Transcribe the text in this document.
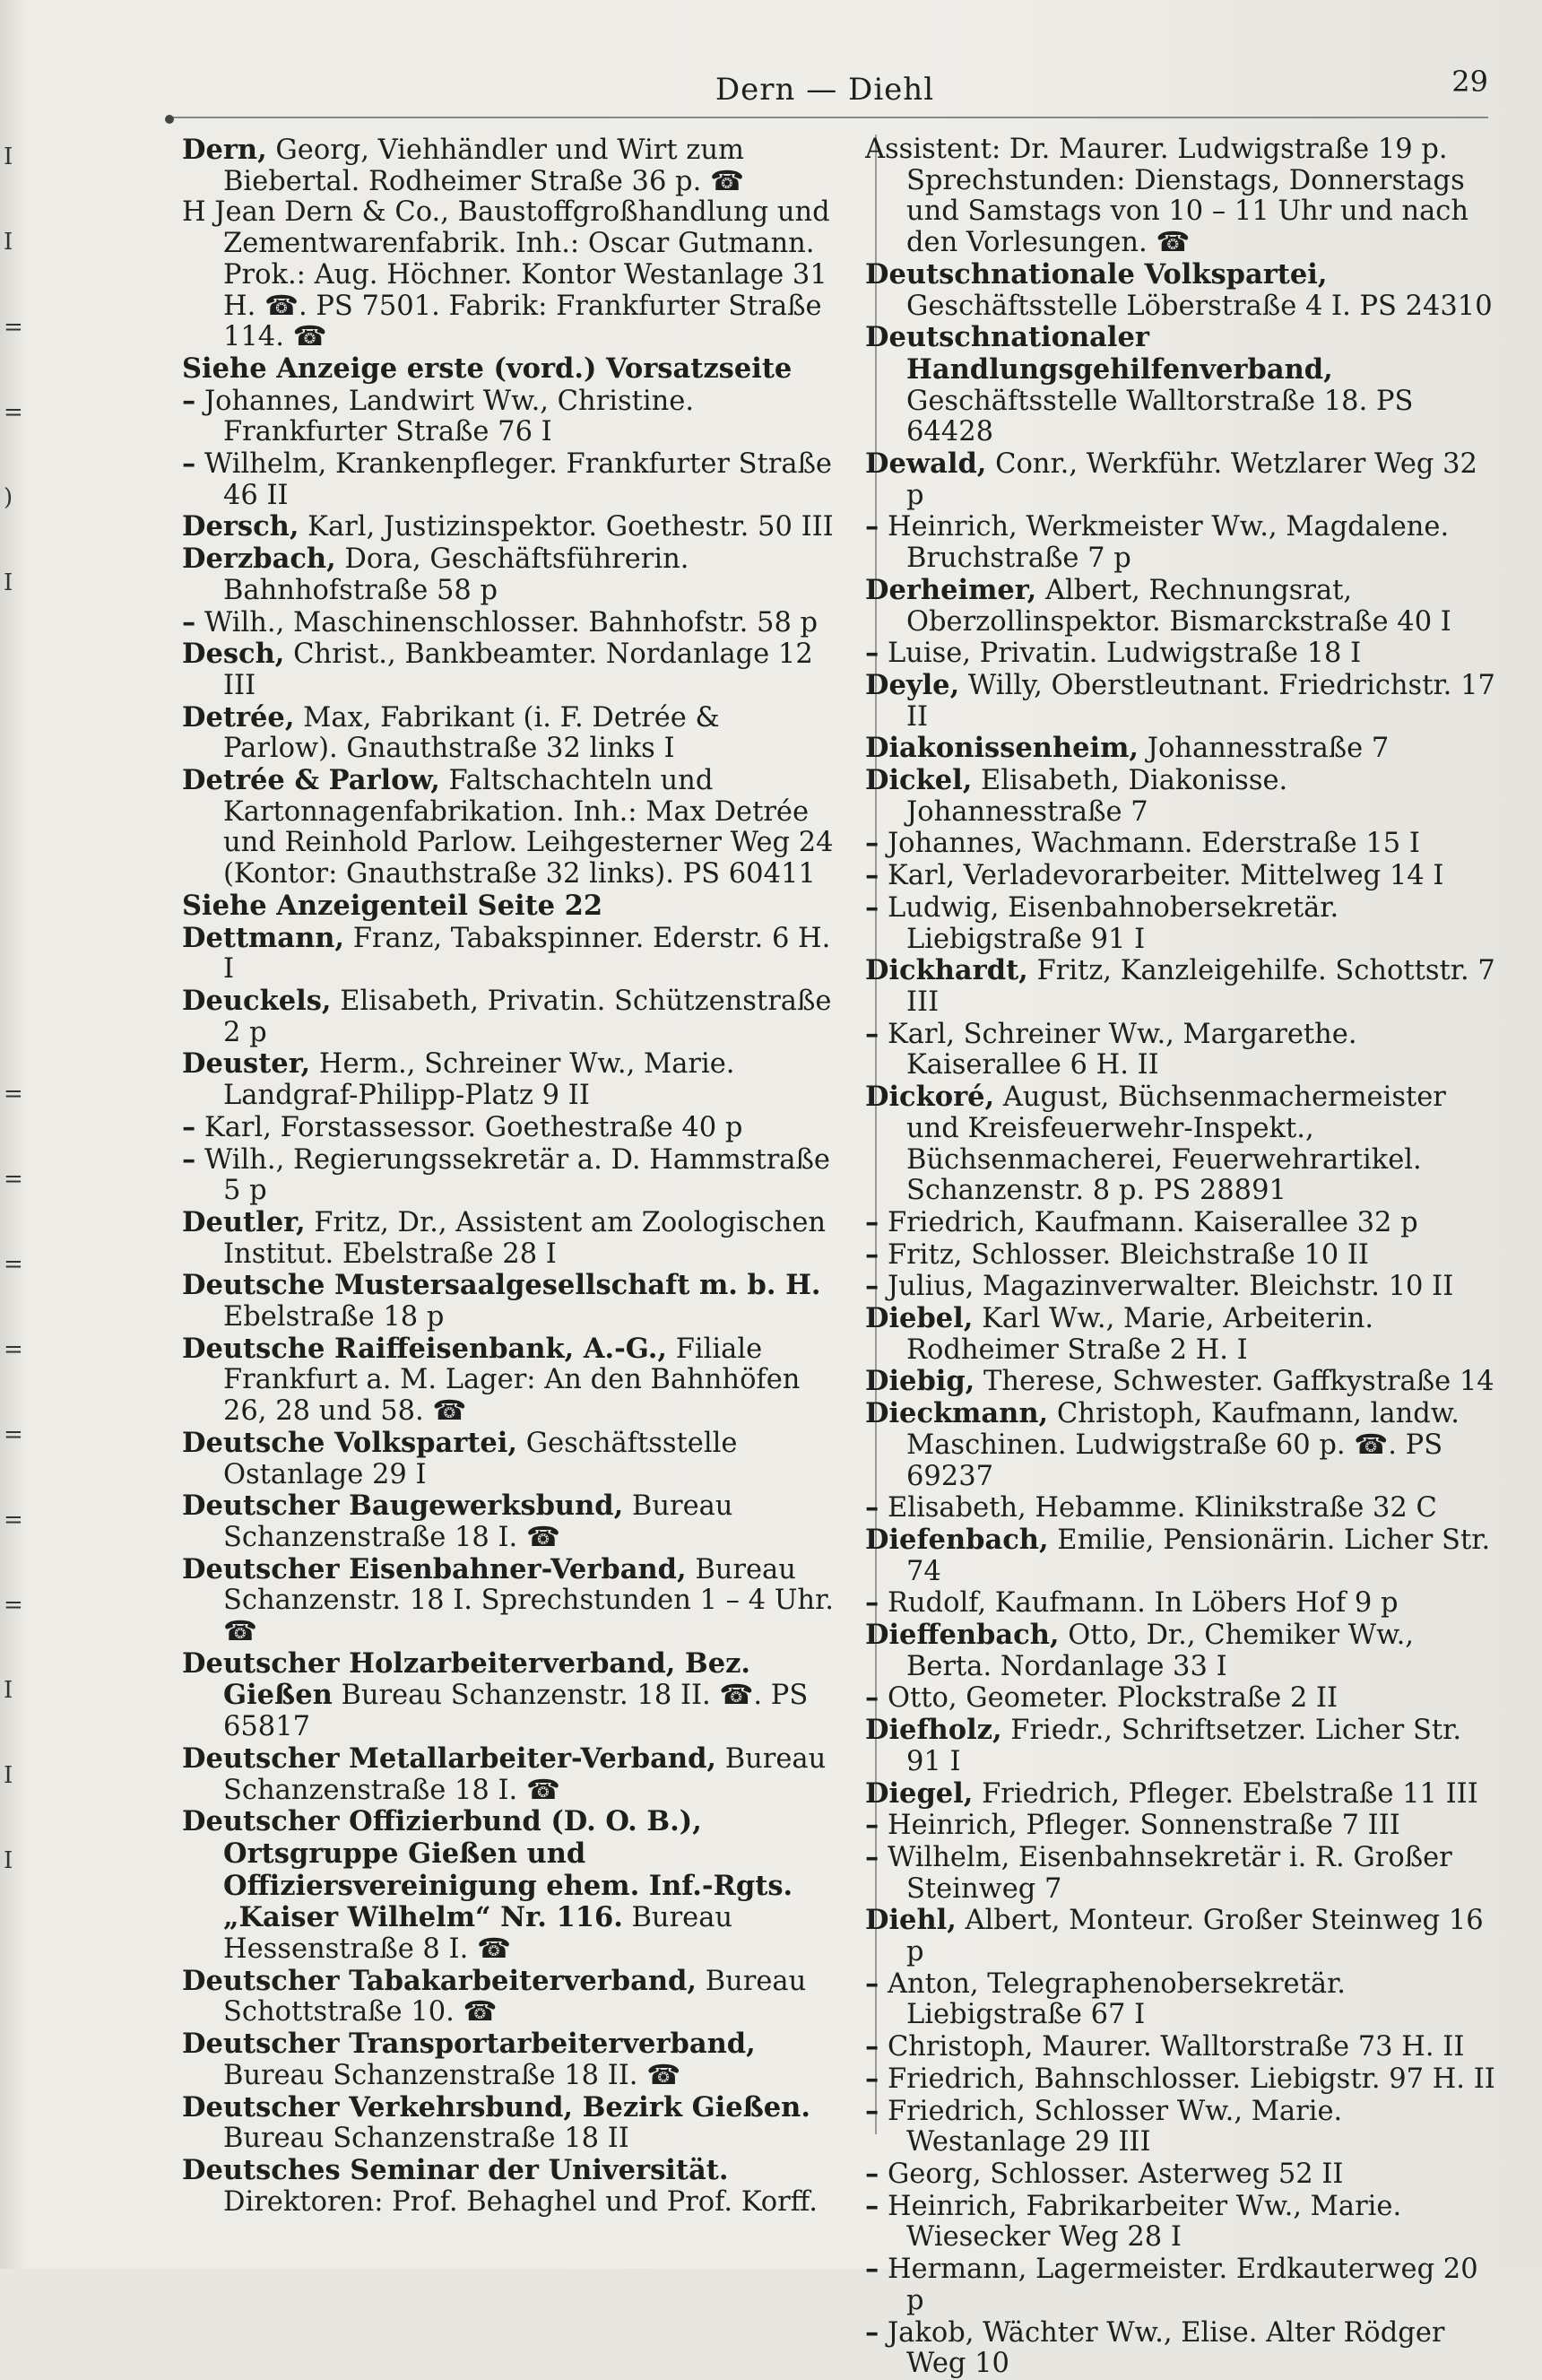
I
I
=
=
)
I
=
=
=
=
=
=
=
I
I
I
Dern — Diehl	29

Dern, Georg, Viehhändler und Wirt zum Biebertal. Rodheimer Straße 36 p. ☎

H Jean Dern & Co., Baustoffgroßhandlung und Zementwarenfabrik. Inh.: Oscar Gutmann. Prok.: Aug. Höchner. Kontor Westanlage 31 H. ☎. PS 7501. Fabrik: Frankfurter Straße 114. ☎

Siehe Anzeige erste (vord.) Vorsatzseite

– Johannes, Landwirt Ww., Christine. Frankfurter Straße 76 I

– Wilhelm, Krankenpfleger. Frankfurter Straße 46 II

Dersch, Karl, Justizinspektor. Goethestr. 50 III

Derzbach, Dora, Geschäftsführerin. Bahnhofstraße 58 p

– Wilh., Maschinenschlosser. Bahnhofstr. 58 p

Desch, Christ., Bankbeamter. Nordanlage 12 III

Detrée, Max, Fabrikant (i. F. Detrée & Parlow). Gnauthstraße 32 links I

Detrée & Parlow, Faltschachteln und Kartonnagenfabrikation. Inh.: Max Detrée und Reinhold Parlow. Leihgesterner Weg 24 (Kontor: Gnauthstraße 32 links). PS 60411

Siehe Anzeigenteil Seite 22

Dettmann, Franz, Tabakspinner. Ederstr. 6 H. I

Deuckels, Elisabeth, Privatin. Schützenstraße 2 p

Deuster, Herm., Schreiner Ww., Marie. Landgraf-Philipp-Platz 9 II

– Karl, Forstassessor. Goethestraße 40 p

– Wilh., Regierungssekretär a. D. Hammstraße 5 p

Deutler, Fritz, Dr., Assistent am Zoologischen Institut. Ebelstraße 28 I

Deutsche Mustersaalgesellschaft m. b. H. Ebelstraße 18 p

Deutsche Raiffeisenbank, A.-G., Filiale Frankfurt a. M. Lager: An den Bahnhöfen 26, 28 und 58. ☎

Deutsche Volkspartei, Geschäftsstelle Ostanlage 29 I

Deutscher Baugewerksbund, Bureau Schanzenstraße 18 I. ☎

Deutscher Eisenbahner-Verband, Bureau Schanzenstr. 18 I. Sprechstunden 1 – 4 Uhr. ☎

Deutscher Holzarbeiterverband, Bez. Gießen Bureau Schanzenstr. 18 II. ☎. PS 65817

Deutscher Metallarbeiter-Verband, Bureau Schanzenstraße 18 I. ☎

Deutscher Offizierbund (D. O. B.), Ortsgruppe Gießen und Offiziersvereinigung ehem. Inf.-Rgts. „Kaiser Wilhelm“ Nr. 116. Bureau Hessenstraße 8 I. ☎

Deutscher Tabakarbeiterverband, Bureau Schottstraße 10. ☎

Deutscher Transportarbeiterverband, Bureau Schanzenstraße 18 II. ☎

Deutscher Verkehrsbund, Bezirk Gießen. Bureau Schanzenstraße 18 II

Deutsches Seminar der Universität. Direktoren: Prof. Behaghel und Prof. Korff.

Assistent: Dr. Maurer. Ludwigstraße 19 p. Sprechstunden: Dienstags, Donnerstags und Samstags von 10 – 11 Uhr und nach den Vorlesungen. ☎

Deutschnationale Volkspartei, Geschäftsstelle Löberstraße 4 I. PS 24310

Deutschnationaler Handlungsgehilfenverband, Geschäftsstelle Walltorstraße 18. PS 64428

Dewald, Conr., Werkführ. Wetzlarer Weg 32 p

– Heinrich, Werkmeister Ww., Magdalene. Bruchstraße 7 p

Derheimer, Albert, Rechnungsrat, Oberzollinspektor. Bismarckstraße 40 I

– Luise, Privatin. Ludwigstraße 18 I

Deyle, Willy, Oberstleutnant. Friedrichstr. 17 II

Diakonissenheim, Johannesstraße 7

Dickel, Elisabeth, Diakonisse. Johannesstraße 7

– Johannes, Wachmann. Ederstraße 15 I

– Karl, Verladevorarbeiter. Mittelweg 14 I

– Ludwig, Eisenbahnobersekretär. Liebigstraße 91 I

Dickhardt, Fritz, Kanzleigehilfe. Schottstr. 7 III

– Karl, Schreiner Ww., Margarethe. Kaiserallee 6 H. II

Dickoré, August, Büchsenmachermeister und Kreisfeuerwehr-Inspekt., Büchsenmacherei, Feuerwehrartikel. Schanzenstr. 8 p. PS 28891

– Friedrich, Kaufmann. Kaiserallee 32 p

– Fritz, Schlosser. Bleichstraße 10 II

– Julius, Magazinverwalter. Bleichstr. 10 II

Diebel, Karl Ww., Marie, Arbeiterin. Rodheimer Straße 2 H. I

Diebig, Therese, Schwester. Gaffkystraße 14

Dieckmann, Christoph, Kaufmann, landw. Maschinen. Ludwigstraße 60 p. ☎. PS 69237

– Elisabeth, Hebamme. Klinikstraße 32 C

Diefenbach, Emilie, Pensionärin. Licher Str. 74

– Rudolf, Kaufmann. In Löbers Hof 9 p

Dieffenbach, Otto, Dr., Chemiker Ww., Berta. Nordanlage 33 I

– Otto, Geometer. Plockstraße 2 II

Diefholz, Friedr., Schriftsetzer. Licher Str. 91 I

Diegel, Friedrich, Pfleger. Ebelstraße 11 III

– Heinrich, Pfleger. Sonnenstraße 7 III

– Wilhelm, Eisenbahnsekretär i. R. Großer Steinweg 7

Diehl, Albert, Monteur. Großer Steinweg 16 p

– Anton, Telegraphenobersekretär. Liebigstraße 67 I

– Christoph, Maurer. Walltorstraße 73 H. II

– Friedrich, Bahnschlosser. Liebigstr. 97 H. II

– Friedrich, Schlosser Ww., Marie. Westanlage 29 III

– Georg, Schlosser. Asterweg 52 II

– Heinrich, Fabrikarbeiter Ww., Marie. Wiesecker Weg 28 I

– Hermann, Lagermeister. Erdkauterweg 20 p

– Jakob, Wächter Ww., Elise. Alter Rödger Weg 10
